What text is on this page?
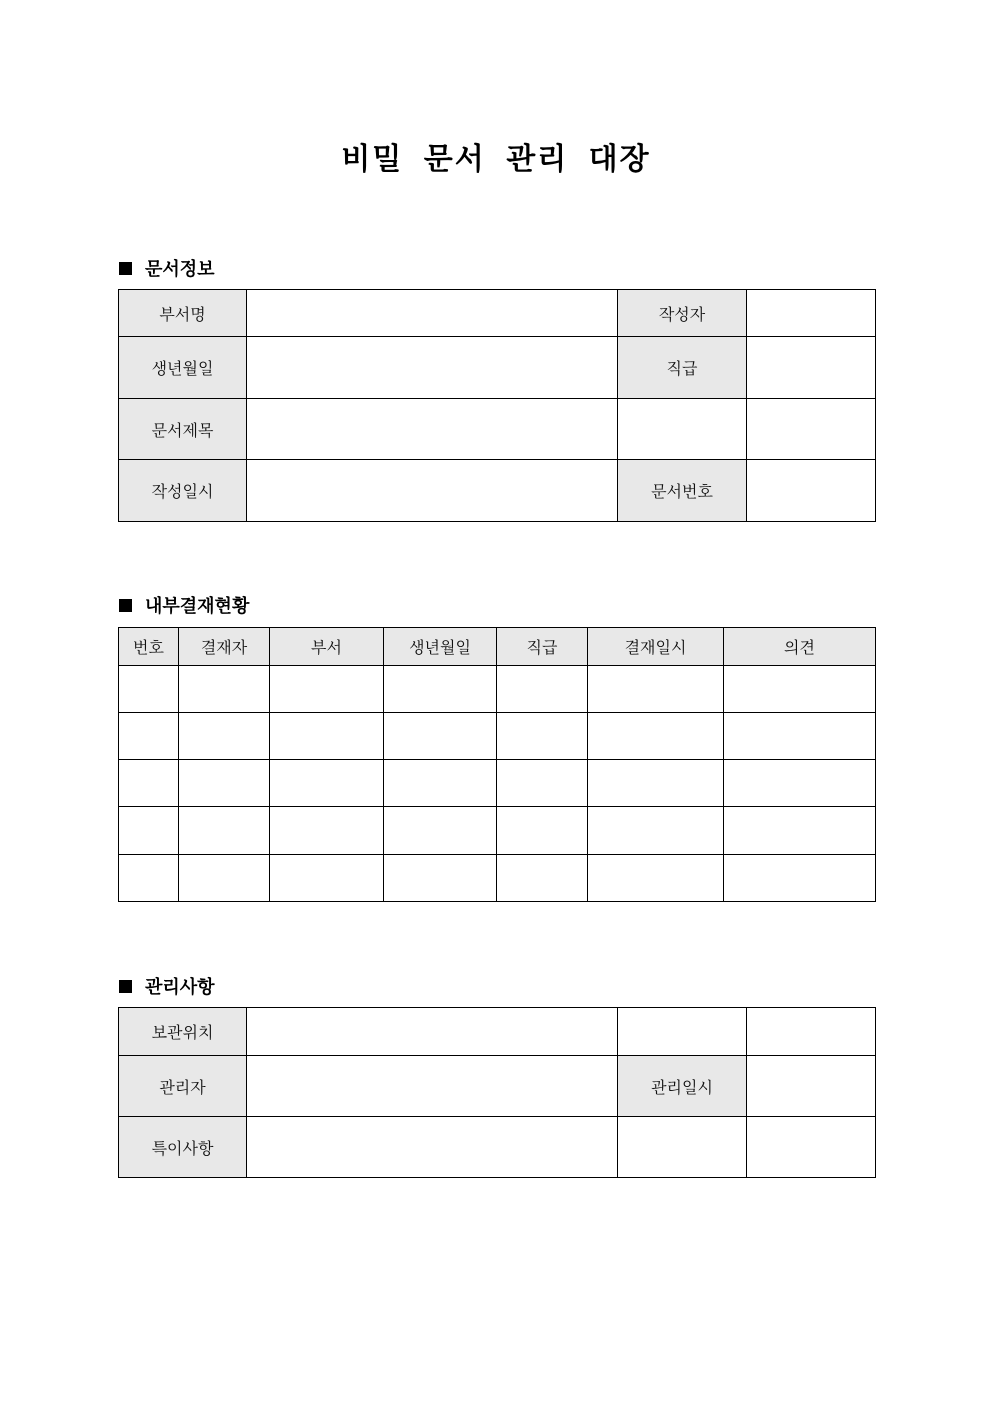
비밀 문서 관리 대장
문서정보
부서명		작성자	
생년월일		직급	
문서제목			
작성일시		문서번호	
내부결재현황
번호	결재자	부서	생년월일	직급	결재일시	의견

관리사항
보관위치			
관리자		관리일시	
특이사항			
